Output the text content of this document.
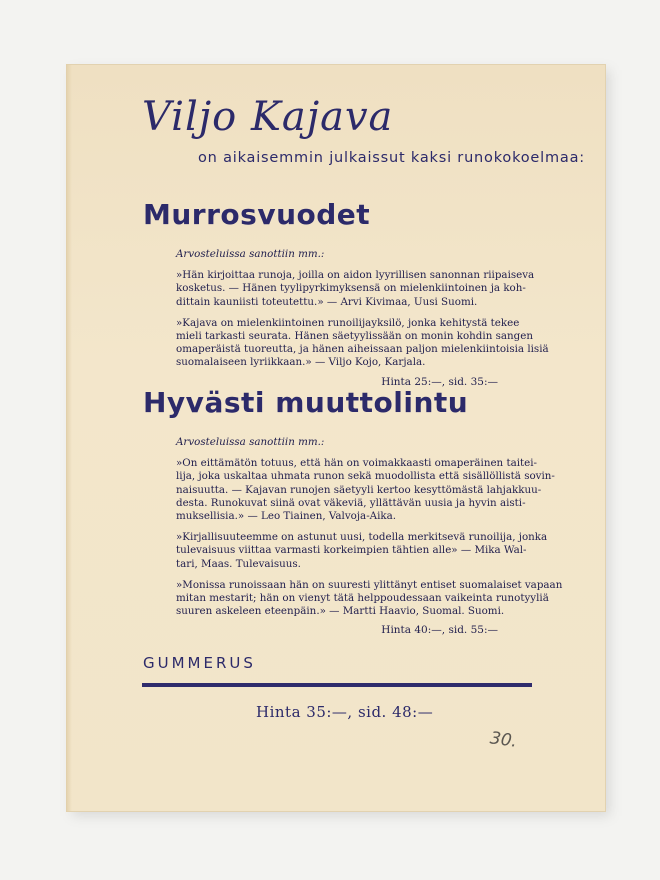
Viljo Kajava
on aikaisemmin julkaissut kaksi runokokoelmaa:
Murrosvuodet
Arvosteluissa sanottiin mm.:
»Hän kirjoittaa runoja, joilla on aidon lyyrillisen sanonnan riipaiseva
kosketus. — Hänen tyylipyrkimyksensä on mielenkiintoinen ja koh-
dittain kauniisti toteutettu.» — Arvi Kivimaa, Uusi Suomi.
»Kajava on mielenkiintoinen runoilijayksilö, jonka kehitystä tekee
mieli tarkasti seurata. Hänen säetyylissään on monin kohdin sangen
omaperäistä tuoreutta, ja hänen aiheissaan paljon mielenkiintoisia lisiä
suomalaiseen lyriikkaan.» — Viljo Kojo, Karjala.
Hinta 25:—, sid. 35:—
Hyvästi muuttolintu
Arvosteluissa sanottiin mm.:
»On eittämätön totuus, että hän on voimakkaasti omaperäinen taitei-
lija, joka uskaltaa uhmata runon sekä muodollista että sisällöllistä sovin-
naisuutta. — Kajavan runojen säetyyli kertoo kesyttömästä lahjakkuu-
desta. Runokuvat siinä ovat väkeviä, yllättävän uusia ja hyvin aisti-
muksellisia.» — Leo Tiainen, Valvoja-Aika.
»Kirjallisuuteemme on astunut uusi, todella merkitsevä runoilija, jonka
tulevaisuus viittaa varmasti korkeimpien tähtien alle» — Mika Wal-
tari, Maas. Tulevaisuus.
»Monissa runoissaan hän on suuresti ylittänyt entiset suomalaiset vapaan
mitan mestarit; hän on vienyt tätä helppoudessaan vaikeinta runotyyliä
suuren askeleen eteenpäin.» — Martti Haavio, Suomal. Suomi.
Hinta 40:—, sid. 55:—
GUMMERUS
Hinta 35:—, sid. 48:—
30.
